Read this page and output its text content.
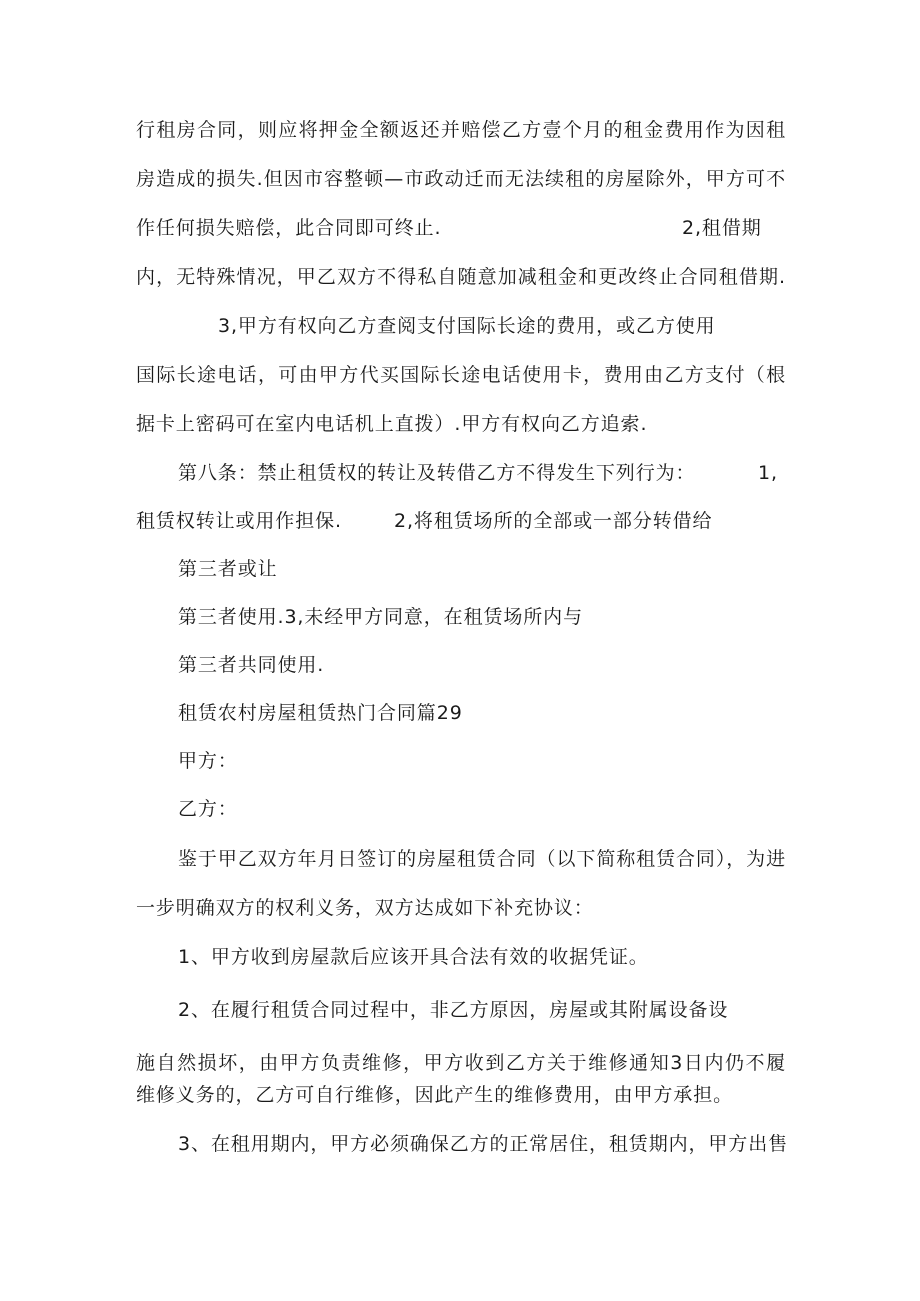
行租房合同，则应将押金全额返还并赔偿乙方壹个月的租金费用作为因租

房造成的损失.但因市容整顿—市政动迁而无法续租的房屋除外，甲方可不

作任何损失赔偿，此合同即可终止.	2,租借期

内，无特殊情况，甲乙双方不得私自随意加减租金和更改终止合同租借期.

3,甲方有权向乙方查阅支付国际长途的费用，或乙方使用

国际长途电话，可由甲方代买国际长途电话使用卡，费用由乙方支付（根

据卡上密码可在室内电话机上直拨）.甲方有权向乙方追索.

第八条：禁止租赁权的转让及转借乙方不得发生下列行为：	1,

租赁权转让或用作担保.	2,将租赁场所的全部或一部分转借给

第三者或让

第三者使用.3,未经甲方同意，在租赁场所内与

第三者共同使用.

租赁农村房屋租赁热门合同篇29

甲方：

乙方：

鉴于甲乙双方年月日签订的房屋租赁合同（以下简称租赁合同），为进

一步明确双方的权利义务，双方达成如下补充协议：

1、甲方收到房屋款后应该开具合法有效的收据凭证。

2、在履行租赁合同过程中，非乙方原因，房屋或其附属设备设

施自然损坏，由甲方负责维修，甲方收到乙方关于维修通知3日内仍不履

维修义务的，乙方可自行维修，因此产生的维修费用，由甲方承担。

3、在租用期内，甲方必须确保乙方的正常居住，租赁期内，甲方出售
